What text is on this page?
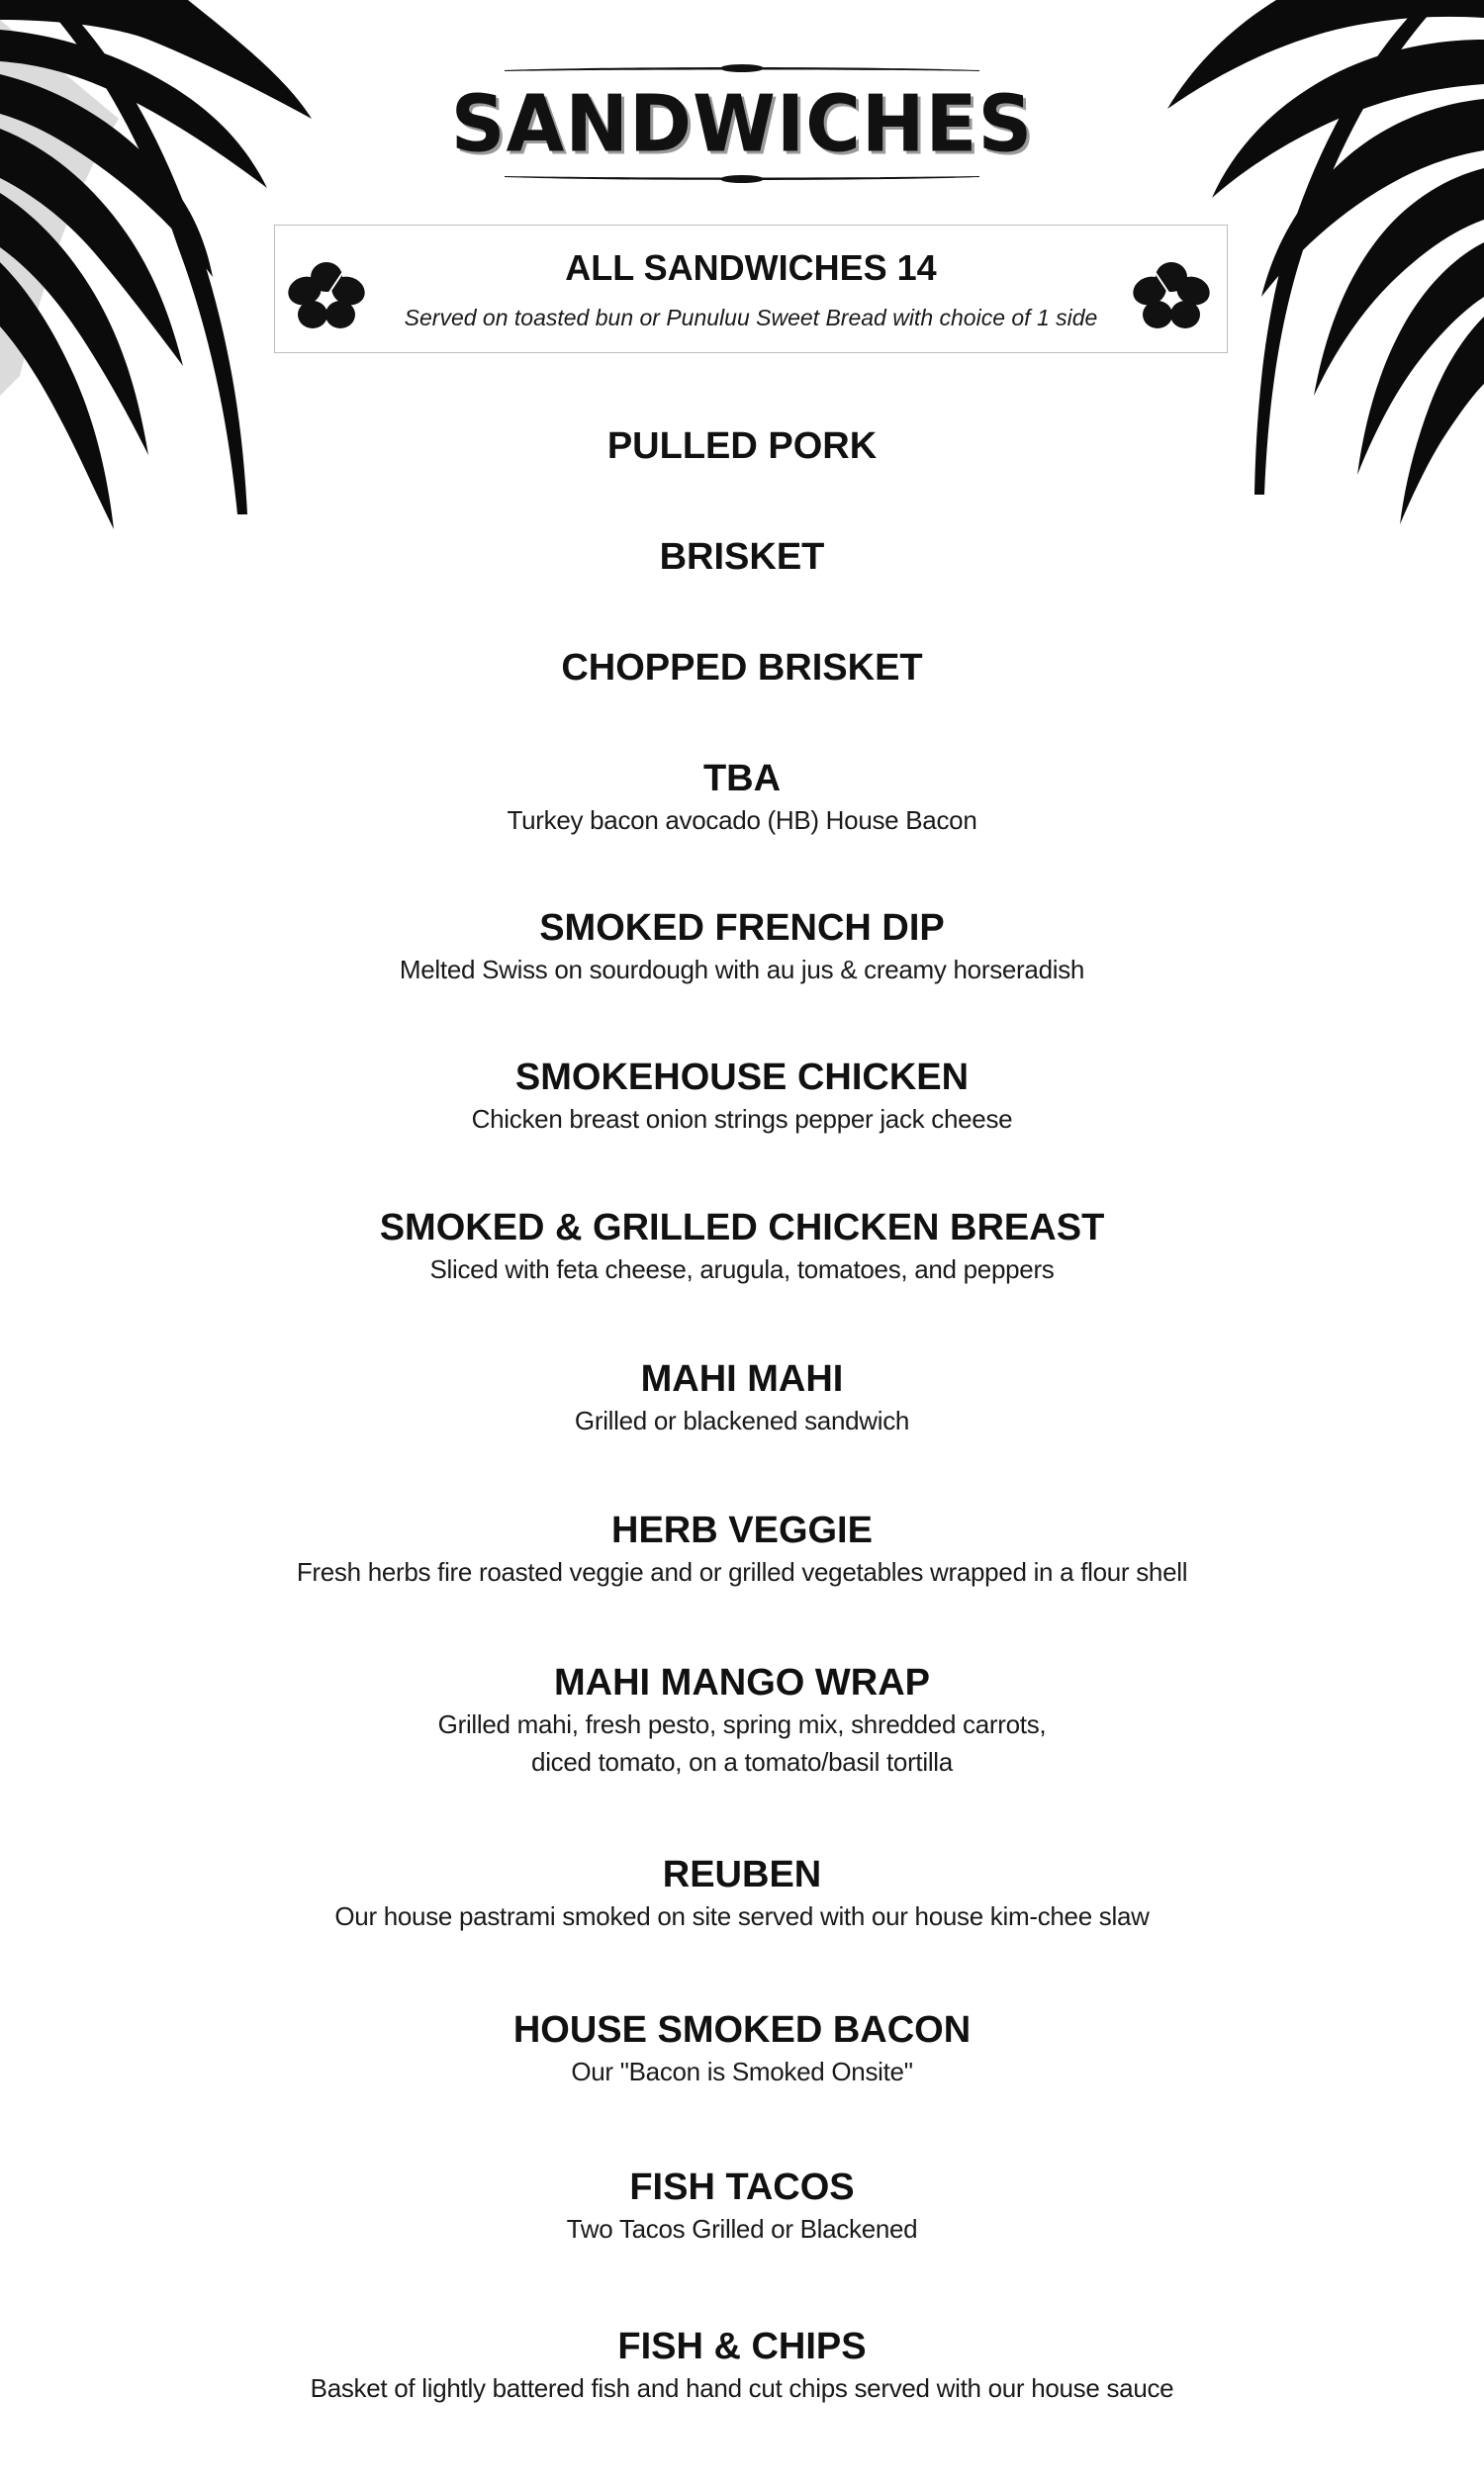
SANDWICHES
ALL SANDWICHES 14
Served on toasted bun or Punuluu Sweet Bread with choice of 1 side
PULLED PORK
BRISKET
CHOPPED BRISKET
TBA
Turkey bacon avocado (HB) House Bacon
SMOKED FRENCH DIP
Melted Swiss on sourdough with au jus & creamy horseradish
SMOKEHOUSE CHICKEN
Chicken breast onion strings pepper jack cheese
SMOKED & GRILLED CHICKEN BREAST
Sliced with feta cheese, arugula, tomatoes, and peppers
MAHI MAHI
Grilled or blackened sandwich
HERB VEGGIE
Fresh herbs fire roasted veggie and or grilled vegetables wrapped in a flour shell
MAHI MANGO WRAP
Grilled mahi, fresh pesto, spring mix, shredded carrots,
diced tomato, on a tomato/basil tortilla
REUBEN
Our house pastrami smoked on site served with our house kim-chee slaw
HOUSE SMOKED BACON
Our "Bacon is Smoked Onsite"
FISH TACOS
Two Tacos Grilled or Blackened
FISH & CHIPS
Basket of lightly battered fish and hand cut chips served with our house sauce
